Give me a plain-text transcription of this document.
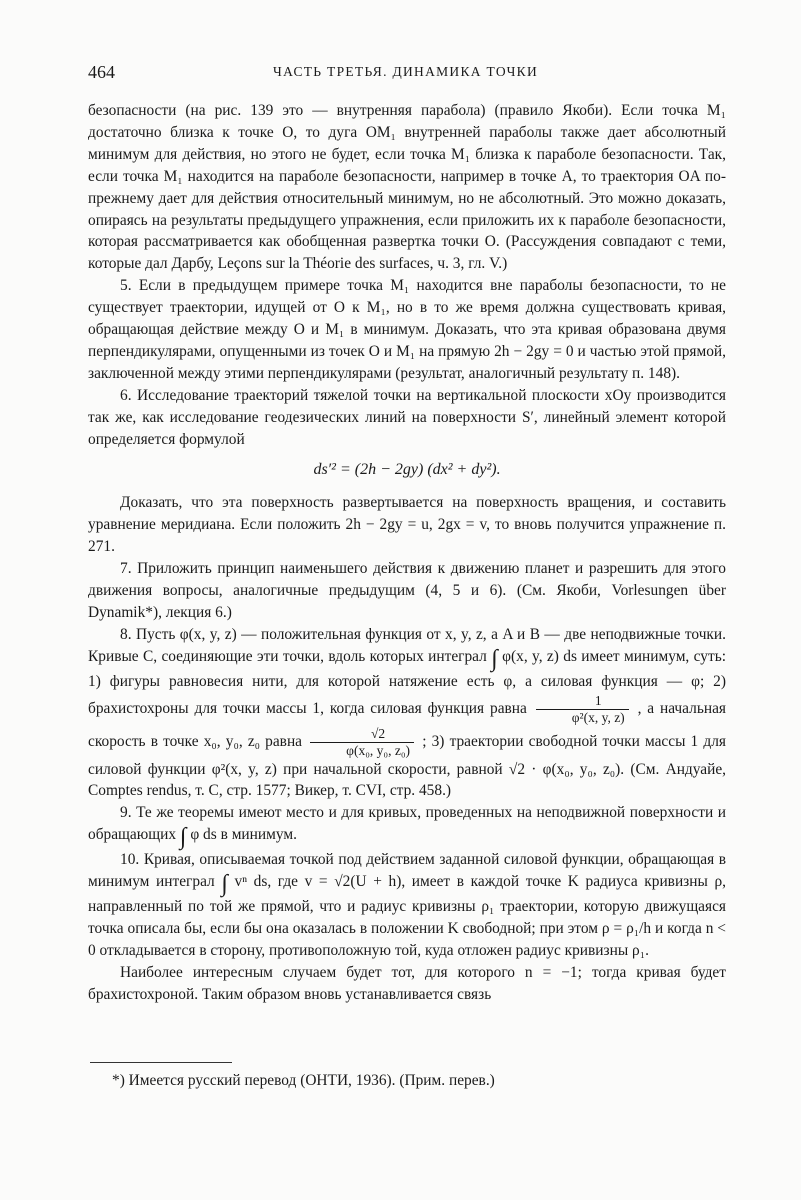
464	ЧАСТЬ ТРЕТЬЯ. ДИНАМИКА ТОЧКИ

безопасности (на рис. 139 это — внутренняя парабола) (правило Якоби). Если точка M₁ достаточно близка к точке O, то дуга OM₁ внутренней параболы также дает абсолютный минимум для действия, но этого не будет, если точка M₁ близка к параболе безопасности. Так, если точка M₁ находится на параболе безопасности, например в точке A, то траектория OA по-прежнему дает для действия относительный минимум, но не абсолютный. Это можно доказать, опираясь на результаты предыдущего упражнения, если приложить их к параболе безопасности, которая рассматривается как обобщенная развертка точки O. (Рассуждения совпадают с теми, которые дал Дарбу, Leçons sur la Théorie des surfaces, ч. 3, гл. V.)

5. Если в предыдущем примере точка M₁ находится вне параболы безопасности, то не существует траектории, идущей от O к M₁, но в то же время должна существовать кривая, обращающая действие между O и M₁ в минимум. Доказать, что эта кривая образована двумя перпендикулярами, опущенными из точек O и M₁ на прямую 2h − 2gy = 0 и частью этой прямой, заключенной между этими перпендикулярами (результат, аналогичный результату п. 148).

6. Исследование траекторий тяжелой точки на вертикальной плоскости xOy производится так же, как исследование геодезических линий на поверхности S′, линейный элемент которой определяется формулой

ds′² = (2h − 2gy) (dx² + dy²).

Доказать, что эта поверхность развертывается на поверхность вращения, и составить уравнение меридиана. Если положить 2h − 2gy = u, 2gx = v, то вновь получится упражнение п. 271.

7. Приложить принцип наименьшего действия к движению планет и разрешить для этого движения вопросы, аналогичные предыдущим (4, 5 и 6). (См. Якоби, Vorlesungen über Dynamik*), лекция 6.)

8. Пусть φ(x, y, z) — положительная функция от x, y, z, а A и B — две неподвижные точки. Кривые C, соединяющие эти точки, вдоль которых интеграл ∫ φ(x, y, z) ds имеет минимум, суть: 1) фигуры равновесия нити, для которой натяжение есть φ, а силовая функция — φ; 2) брахистохроны для точки массы 1, когда силовая функция равна $\frac{1}{\text{φ²(x, y, z)}}$ , а начальная скорость в точке x₀, y₀, z₀ равна $\frac{√2}{\text{φ(x₀, y₀, z₀)}}$ ; 3) траектории свободной точки массы 1 для силовой функции φ²(x, y, z) при начальной скорости, равной √2 · φ(x₀, y₀, z₀). (См. Андуайе, Comptes rendus, т. C, стр. 1577; Викер, т. CVI, стр. 458.)

9. Те же теоремы имеют место и для кривых, проведенных на неподвижной поверхности и обращающих ∫ φ ds в минимум.

10. Кривая, описываемая точкой под действием заданной силовой функции, обращающая в минимум интеграл ∫ vⁿ ds, где v = √2(U + h), имеет в каждой точке K радиуса кривизны ρ, направленный по той же прямой, что и радиус кривизны ρ₁ траектории, которую движущаяся точка описала бы, если бы она оказалась в положении K свободной; при этом ρ = ρ₁/h и когда n < 0 откладывается в сторону, противоположную той, куда отложен радиус кривизны ρ₁.

Наиболее интересным случаем будет тот, для которого n = −1; тогда кривая будет брахистохроной. Таким образом вновь устанавливается связь

*) Имеется русский перевод (ОНТИ, 1936). (Прим. перев.)
